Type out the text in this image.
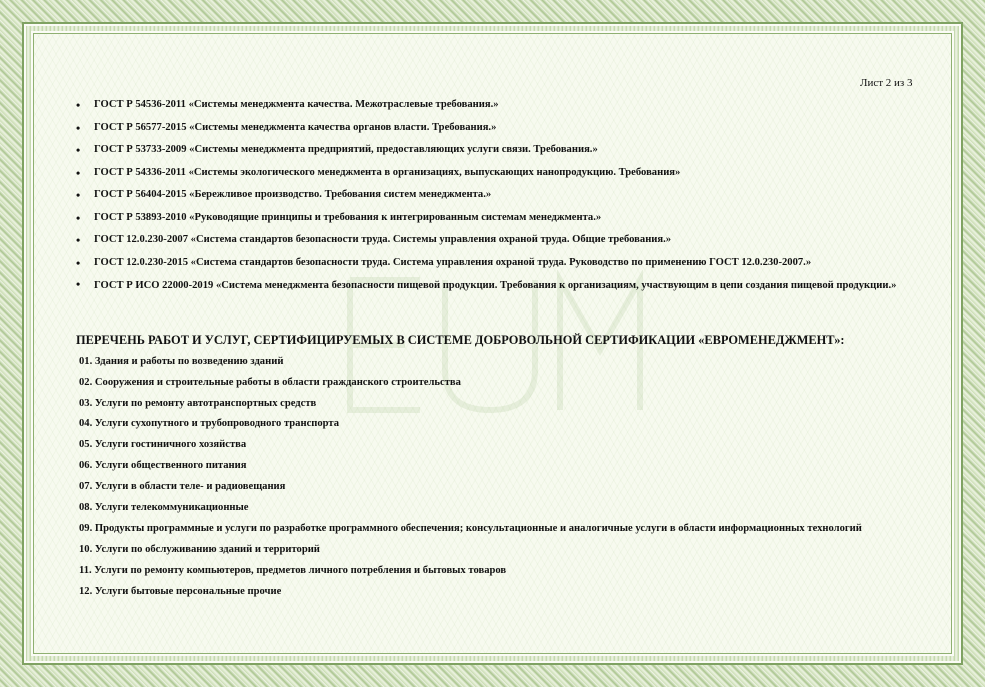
Лист 2 из 3
• ГОСТ Р 54536-2011 «Системы менеджмента качества. Межотраслевые требования.»
• ГОСТ Р 56577-2015 «Системы менеджмента качества органов власти. Требования.»
• ГОСТ Р 53733-2009 «Системы менеджмента предприятий, предоставляющих услуги связи. Требования.»
• ГОСТ Р 54336-2011 «Системы экологического менеджмента в организациях, выпускающих нанопродукцию. Требования»
• ГОСТ Р 56404-2015 «Бережливое производство. Требования систем менеджмента.»
• ГОСТ Р 53893-2010 «Руководящие принципы и требования к интегрированным системам менеджмента.»
• ГОСТ 12.0.230-2007 «Система стандартов безопасности труда. Системы управления охраной труда. Общие требования.»
• ГОСТ 12.0.230-2015 «Система стандартов безопасности труда. Система управления охраной труда. Руководство по применению ГОСТ 12.0.230-2007.»
• ГОСТ Р ИСО 22000-2019 «Система менеджмента безопасности пищевой продукции. Требования к организациям, участвующим в цепи создания пищевой продукции.»
ПЕРЕЧЕНЬ РАБОТ И УСЛУГ, СЕРТИФИЦИРУЕМЫХ В СИСТЕМЕ ДОБРОВОЛЬНОЙ СЕРТИФИКАЦИИ «ЕВРОМЕНЕДЖМЕНТ»:
01. Здания и работы по возведению зданий
02. Сооружения и строительные работы в области гражданского строительства
03. Услуги по ремонту автотранспортных средств
04. Услуги сухопутного и трубопроводного транспорта
05. Услуги гостиничного хозяйства
06. Услуги общественного питания
07. Услуги в области теле- и радиовещания
08. Услуги телекоммуникационные
09. Продукты программные и услуги по разработке программного обеспечения; консультационные и аналогичные услуги в области информационных технологий
10. Услуги по обслуживанию зданий и территорий
11. Услуги по ремонту компьютеров, предметов личного потребления и бытовых товаров
12. Услуги бытовые персональные прочие
